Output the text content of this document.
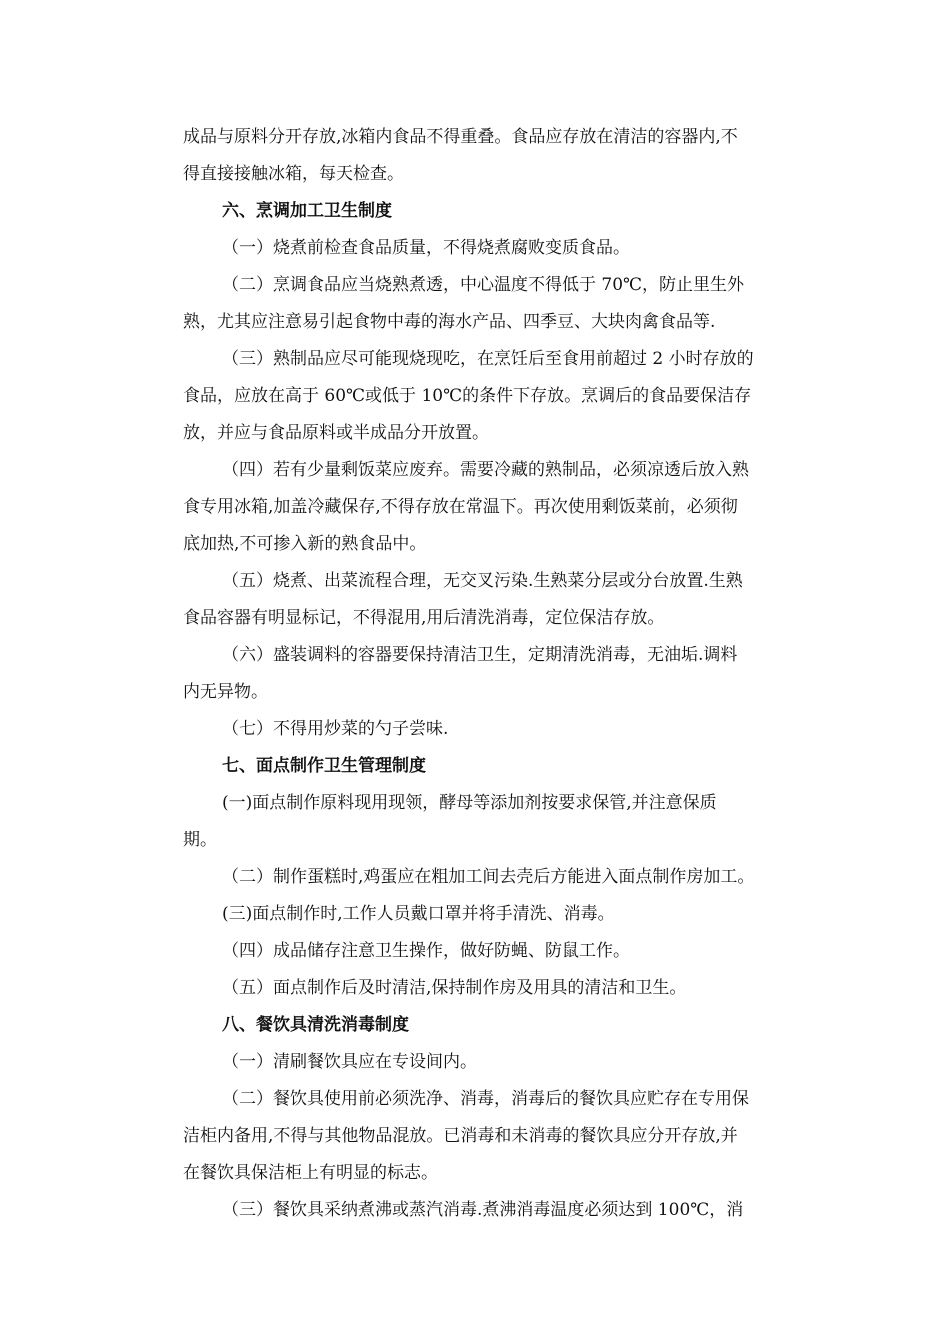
成品与原料分开存放,冰箱内食品不得重叠。食品应存放在清洁的容器内,不

得直接接触冰箱，每天检查。

六、烹调加工卫生制度

（一）烧煮前检查食品质量，不得烧煮腐败变质食品。

（二）烹调食品应当烧熟煮透，中心温度不得低于 70℃，防止里生外

熟，尤其应注意易引起食物中毒的海水产品、四季豆、大块肉禽食品等.

（三）熟制品应尽可能现烧现吃，在烹饪后至食用前超过 2 小时存放的

食品，应放在高于 60℃或低于 10℃的条件下存放。烹调后的食品要保洁存

放，并应与食品原料或半成品分开放置。

（四）若有少量剩饭菜应废弃。需要冷藏的熟制品，必须凉透后放入熟

食专用冰箱,加盖冷藏保存,不得存放在常温下。再次使用剩饭菜前，必须彻

底加热,不可掺入新的熟食品中。

（五）烧煮、出菜流程合理，无交叉污染.生熟菜分层或分台放置.生熟

食品容器有明显标记，不得混用,用后清洗消毒，定位保洁存放。

（六）盛装调料的容器要保持清洁卫生，定期清洗消毒，无油垢.调料

内无异物。

（七）不得用炒菜的勺子尝味.

七、面点制作卫生管理制度

(一)面点制作原料现用现领，酵母等添加剂按要求保管,并注意保质

期。

（二）制作蛋糕时,鸡蛋应在粗加工间去壳后方能进入面点制作房加工。

(三)面点制作时,工作人员戴口罩并将手清洗、消毒。

（四）成品储存注意卫生操作，做好防蝇、防鼠工作。

（五）面点制作后及时清洁,保持制作房及用具的清洁和卫生。

八、餐饮具清洗消毒制度

（一）清刷餐饮具应在专设间内。

（二）餐饮具使用前必须洗净、消毒，消毒后的餐饮具应贮存在专用保

洁柜内备用,不得与其他物品混放。已消毒和未消毒的餐饮具应分开存放,并

在餐饮具保洁柜上有明显的标志。

（三）餐饮具采纳煮沸或蒸汽消毒.煮沸消毒温度必须达到 100℃，消
